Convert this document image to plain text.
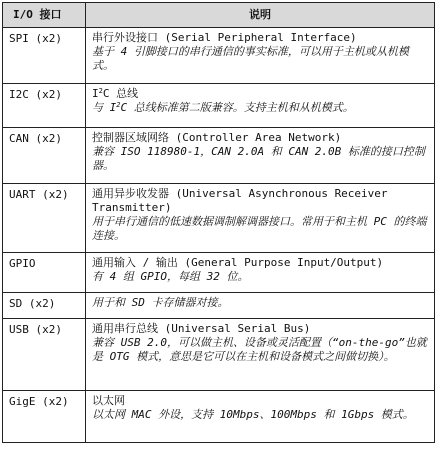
I/O 接口	说明
SPI (x2)	串行外设接口 (Serial Peripheral Interface)
基于 4 引脚接口的串行通信的事实标准，可以用于主机或从机模式。

I2C (x2)	$I^2C$ 总线
与 $I^2C$ 总线标准第二版兼容。支持主机和从机模式。

CAN (x2)	控制器区域网络 (Controller Area Network)
兼容 ISO 118980-1，CAN 2.0A 和 CAN 2.0B 标准的接口控制器。

UART (x2)	通用异步收发器 (Universal Asynchronous Receiver Transmitter)
用于串行通信的低速数据调制解调器接口。常用于和主机 PC 的终端连接。

GPIO	通用输入 / 输出 (General Purpose Input/Output)
有 4 组 GPIO，每组 32 位。

SD (x2)	用于和 SD 卡存储器对接。

USB (x2)	通用串行总线 (Universal Serial Bus)
兼容 USB 2.0，可以做主机、设备或灵活配置（“on-the-go”也就是 OTG 模式，意思是它可以在主机和设备模式之间做切换）。

GigE (x2)	以太网
以太网 MAC 外设，支持 10Mbps、100Mbps 和 1Gbps 模式。
